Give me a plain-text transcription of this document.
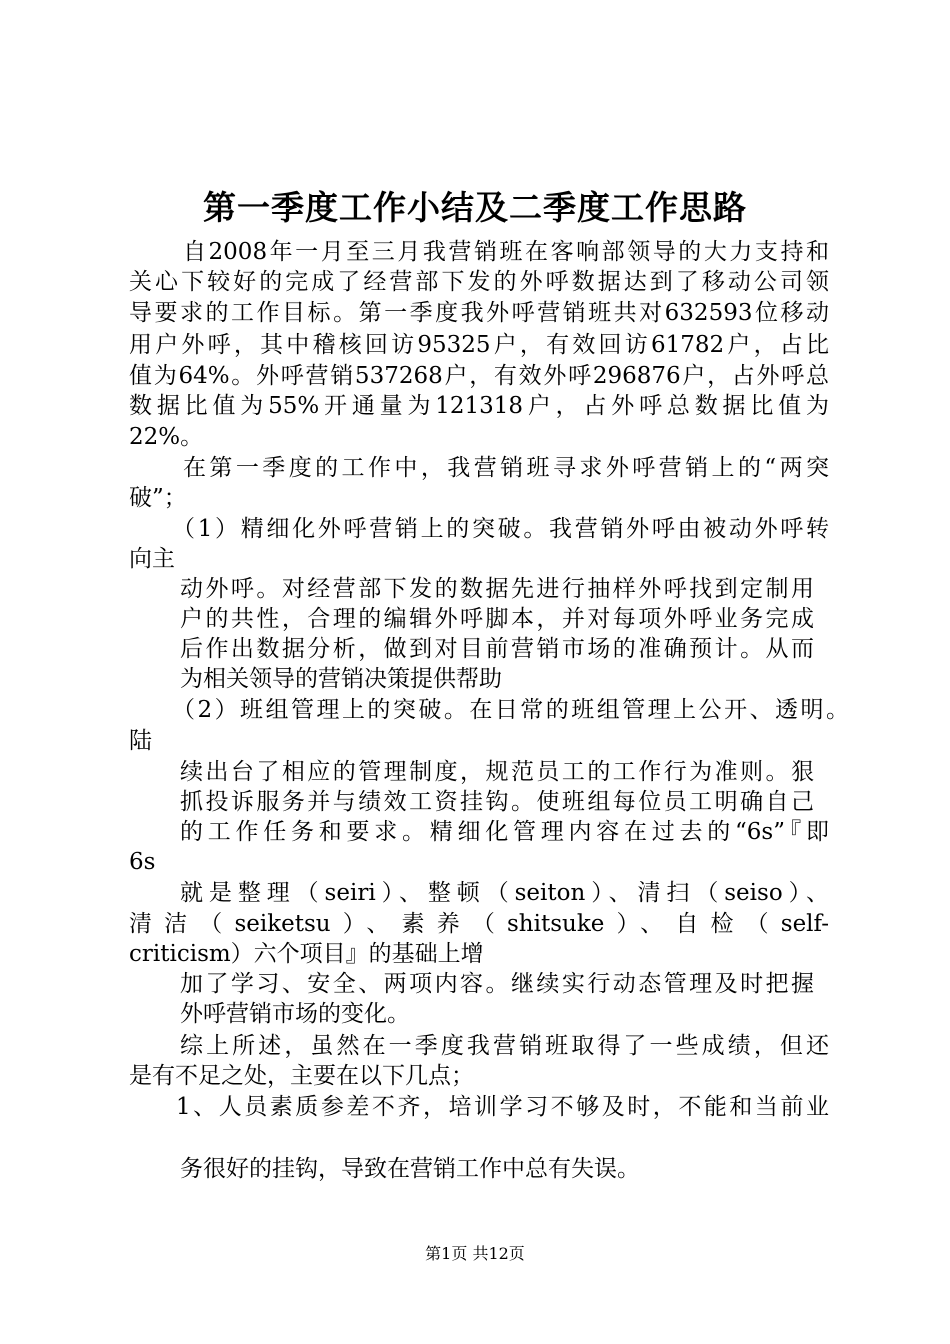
第一季度工作小结及二季度工作思路
自2008年一月至三月我营销班在客响部领导的大力支持和
关心下较好的完成了经营部下发的外呼数据达到了移动公司领
导要求的工作目标。第一季度我外呼营销班共对632593位移动
用户外呼，其中稽核回访95325户，有效回访61782户，占比
值为64%。外呼营销537268户，有效外呼296876户，占外呼总
数据比值为55%开通量为121318户，占外呼总数据比值为
22%。
在第一季度的工作中，我营销班寻求外呼营销上的“两突
破”；
（1）精细化外呼营销上的突破。我营销外呼由被动外呼转
向主
动外呼。对经营部下发的数据先进行抽样外呼找到定制用
户的共性，合理的编辑外呼脚本，并对每项外呼业务完成
后作出数据分析，做到对目前营销市场的准确预计。从而
为相关领导的营销决策提供帮助
（2）班组管理上的突破。在日常的班组管理上公开、透明。
陆
续出台了相应的管理制度，规范员工的工作行为准则。狠
抓投诉服务并与绩效工资挂钩。使班组每位员工明确自己
的工作任务和要求。精细化管理内容在过去的“6s”『即
6s
就是整理（seiri）、整顿（seiton）、清扫（seiso）、
清洁（seiketsu）、素养（shitsuke）、自检（self-
criticism）六个项目』的基础上增
加了学习、安全、两项内容。继续实行动态管理及时把握
外呼营销市场的变化。
综上所述，虽然在一季度我营销班取得了一些成绩，但还
是有不足之处，主要在以下几点；
1、人员素质参差不齐，培训学习不够及时，不能和当前业
务很好的挂钩，导致在营销工作中总有失误。
第1页 共12页
